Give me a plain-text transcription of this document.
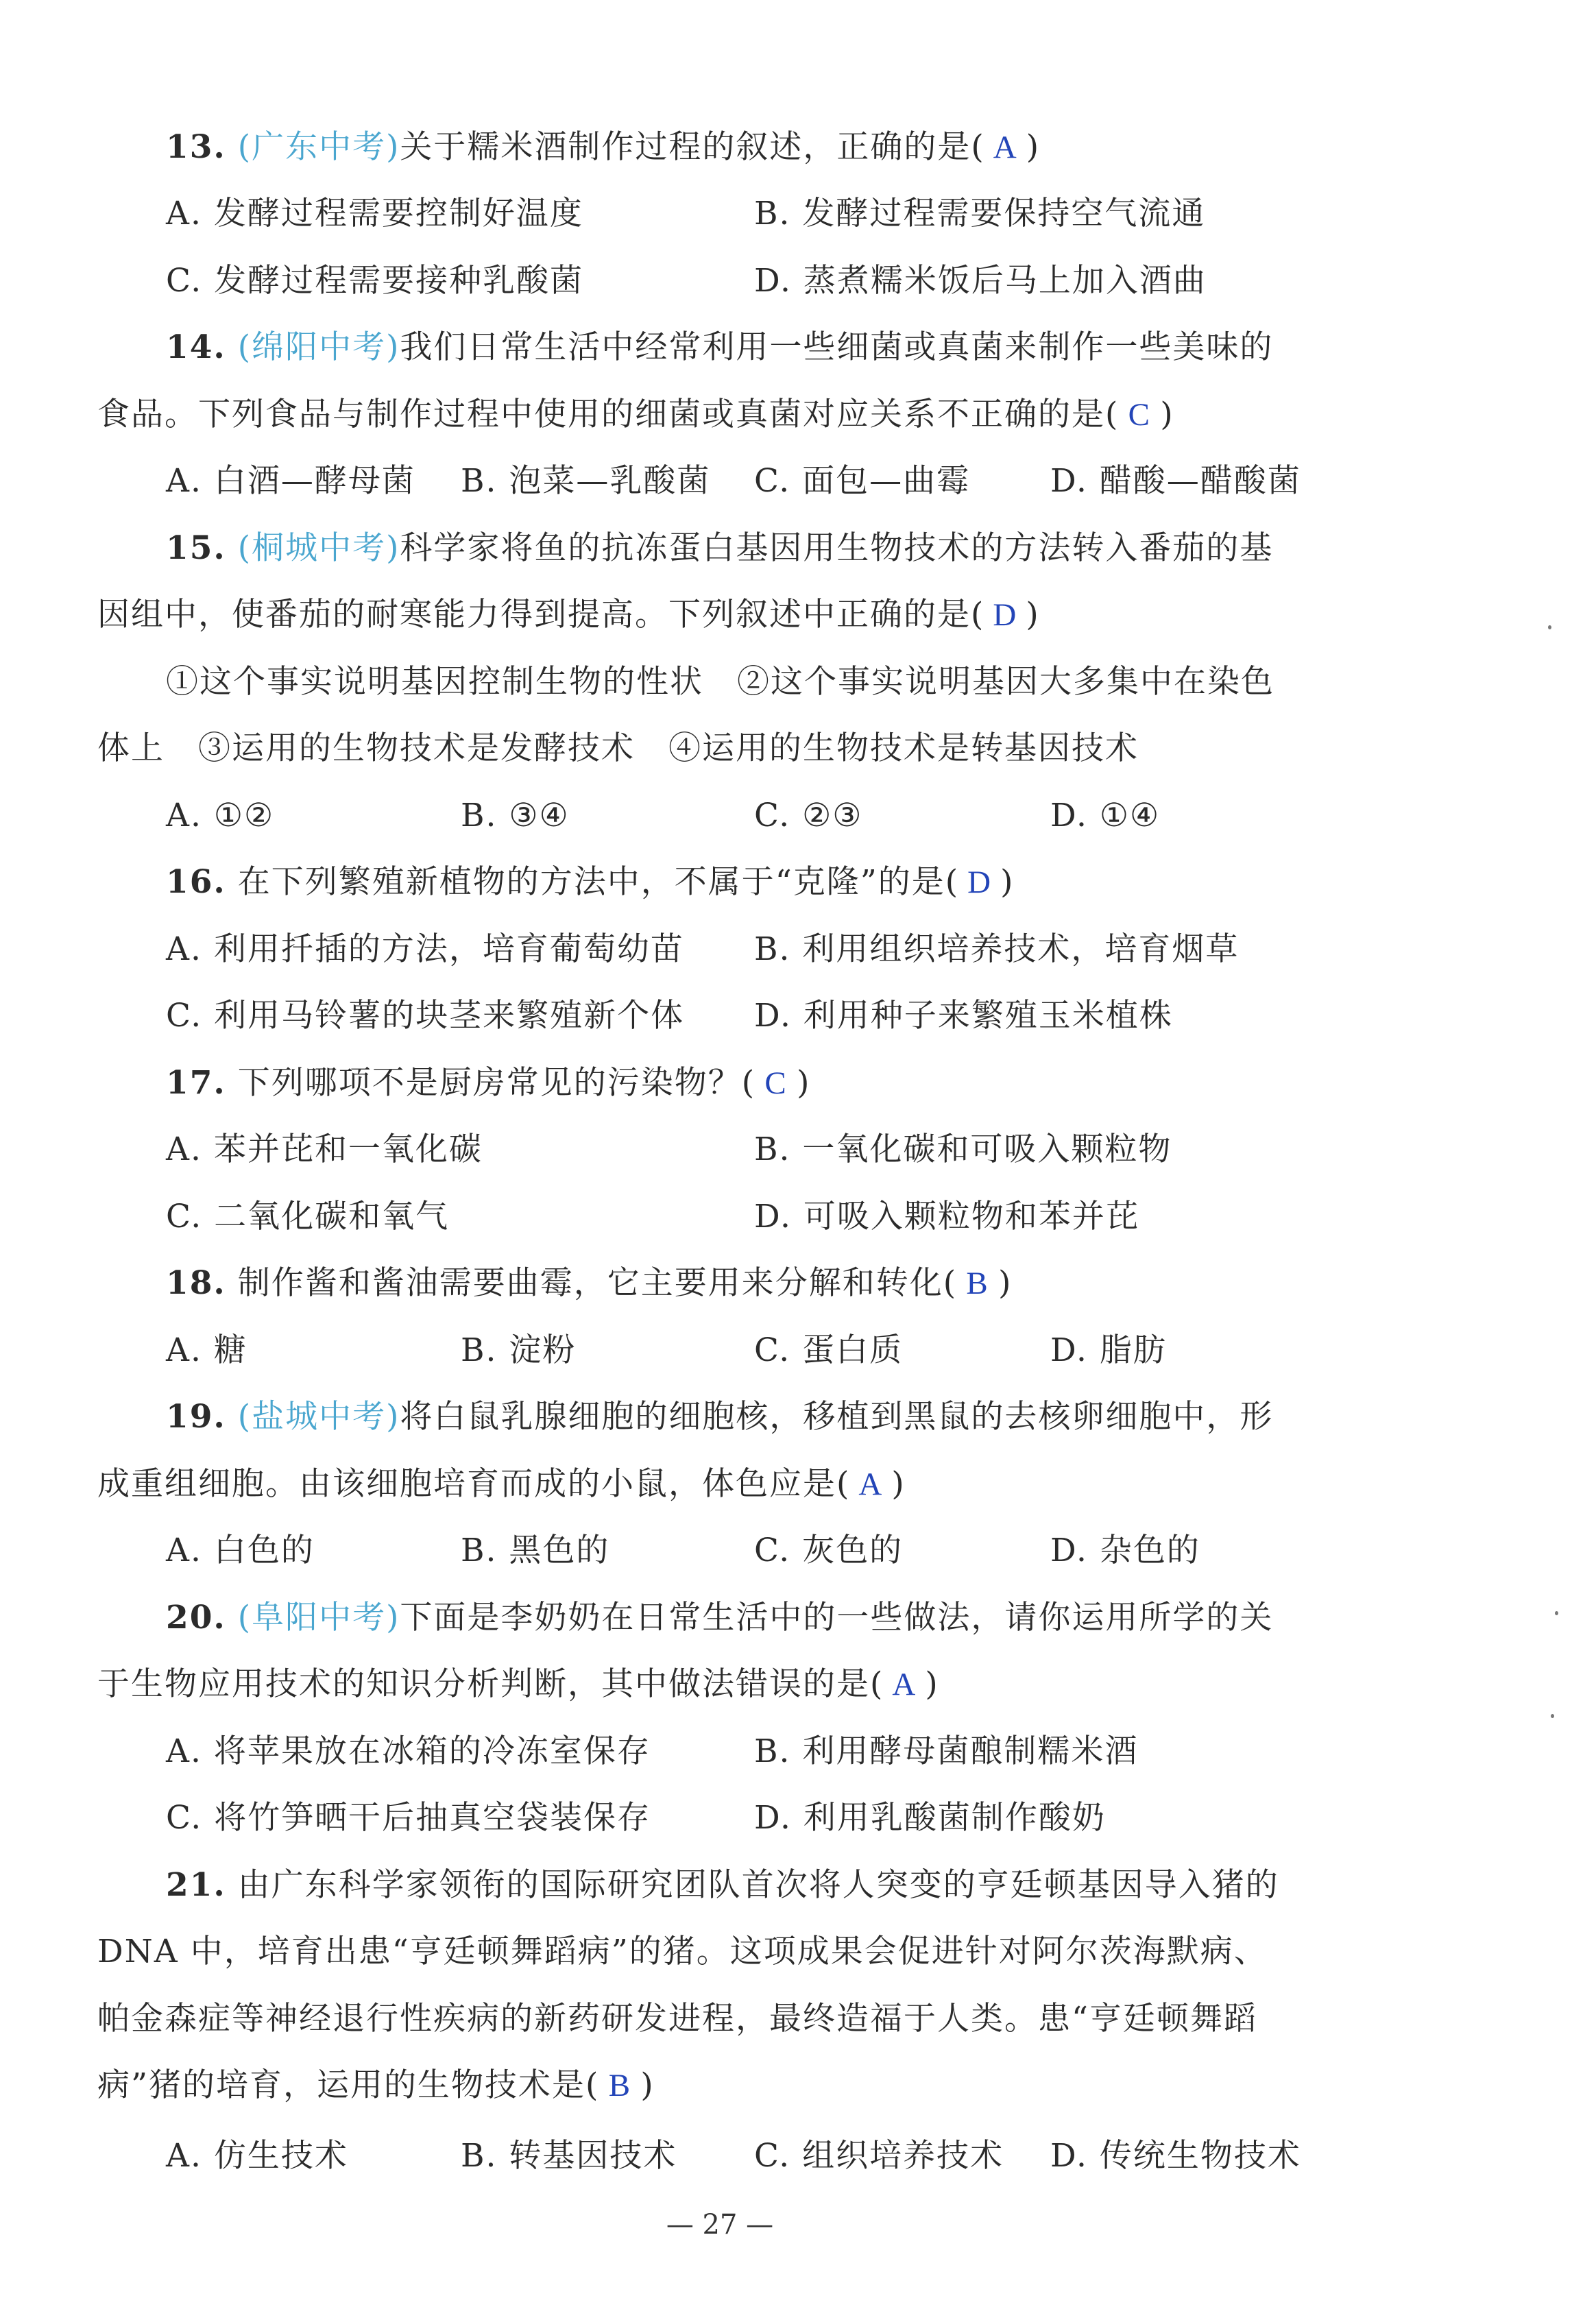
13. (广东中考)关于糯米酒制作过程的叙述，正确的是( A )
A. 发酵过程需要控制好温度	B. 发酵过程需要保持空气流通
C. 发酵过程需要接种乳酸菌	D. 蒸煮糯米饭后马上加入酒曲
14. (绵阳中考)我们日常生活中经常利用一些细菌或真菌来制作一些美味的
食品。下列食品与制作过程中使用的细菌或真菌对应关系不正确的是( C )
A. 白酒—酵母菌 B. 泡菜—乳酸菌 C. 面包—曲霉 D. 醋酸—醋酸菌
15. (桐城中考)科学家将鱼的抗冻蛋白基因用生物技术的方法转入番茄的基
因组中，使番茄的耐寒能力得到提高。下列叙述中正确的是( D )
①这个事实说明基因控制生物的性状　②这个事实说明基因大多集中在染色
体上　③运用的生物技术是发酵技术　④运用的生物技术是转基因技术
A. ①②	B. ③④	C. ②③	D. ①④
16. 在下列繁殖新植物的方法中，不属于“克隆”的是( D )
A. 利用扦插的方法，培育葡萄幼苗 B. 利用组织培养技术，培育烟草
C. 利用马铃薯的块茎来繁殖新个体 D. 利用种子来繁殖玉米植株
17. 下列哪项不是厨房常见的污染物？( C )
A. 苯并芘和一氧化碳	B. 一氧化碳和可吸入颗粒物
C. 二氧化碳和氧气	D. 可吸入颗粒物和苯并芘
18. 制作酱和酱油需要曲霉，它主要用来分解和转化( B )
A. 糖	B. 淀粉	C. 蛋白质	D. 脂肪
19. (盐城中考)将白鼠乳腺细胞的细胞核，移植到黑鼠的去核卵细胞中，形
成重组细胞。由该细胞培育而成的小鼠，体色应是( A )
A. 白色的	B. 黑色的	C. 灰色的	D. 杂色的
20. (阜阳中考)下面是李奶奶在日常生活中的一些做法，请你运用所学的关
于生物应用技术的知识分析判断，其中做法错误的是( A )
A. 将苹果放在冰箱的冷冻室保存	B. 利用酵母菌酿制糯米酒
C. 将竹笋晒干后抽真空袋装保存	D. 利用乳酸菌制作酸奶
21. 由广东科学家领衔的国际研究团队首次将人突变的亨廷顿基因导入猪的
DNA 中，培育出患“亨廷顿舞蹈病”的猪。这项成果会促进针对阿尔茨海默病、
帕金森症等神经退行性疾病的新药研发进程，最终造福于人类。患“亨廷顿舞蹈
病”猪的培育，运用的生物技术是( B )
A. 仿生技术	B. 转基因技术 C. 组织培养技术 D. 传统生物技术
— 27 —
